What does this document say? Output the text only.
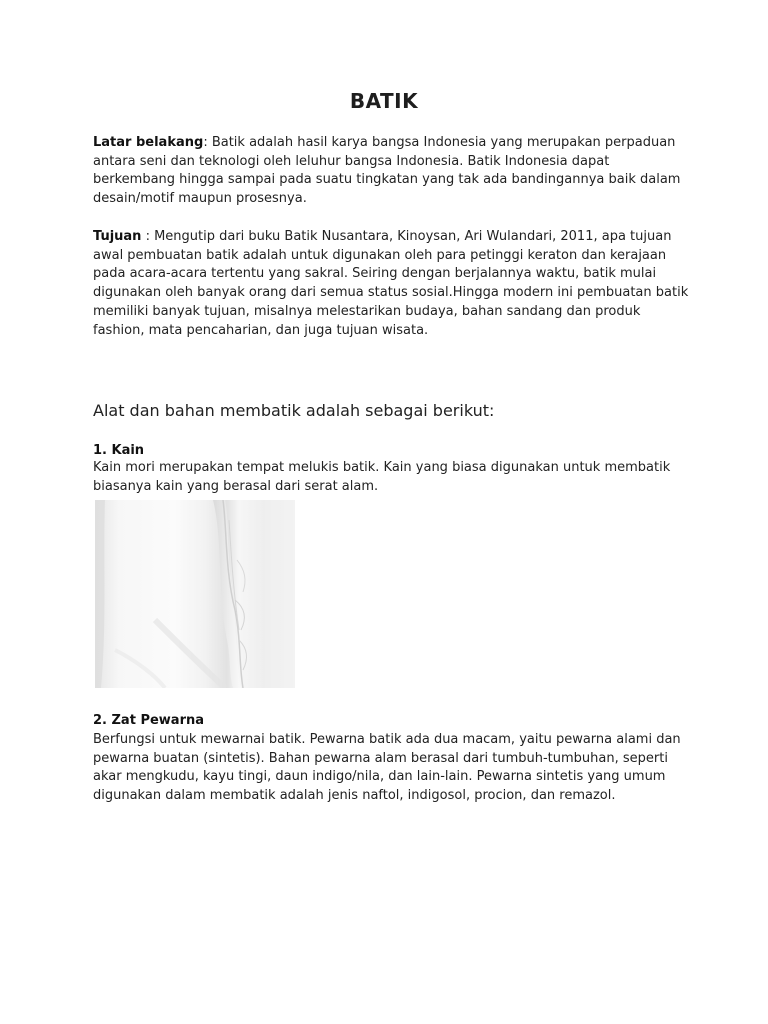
BATIK

Latar belakang: Batik adalah hasil karya bangsa Indonesia yang merupakan perpaduan antara seni dan teknologi oleh leluhur bangsa Indonesia. Batik Indonesia dapat berkembang hingga sampai pada suatu tingkatan yang tak ada bandingannya baik dalam desain/motif maupun prosesnya.

Tujuan : Mengutip dari buku Batik Nusantara, Kinoysan, Ari Wulandari, 2011, apa tujuan awal pembuatan batik adalah untuk digunakan oleh para petinggi keraton dan kerajaan pada acara-acara tertentu yang sakral. Seiring dengan berjalannya waktu, batik mulai digunakan oleh banyak orang dari semua status sosial.Hingga modern ini pembuatan batik memiliki banyak tujuan, misalnya melestarikan budaya, bahan sandang dan produk fashion, mata pencaharian, dan juga tujuan wisata.

Alat dan bahan membatik adalah sebagai berikut:
1. Kain

Kain mori merupakan tempat melukis batik. Kain yang biasa digunakan untuk membatik biasanya kain yang berasal dari serat alam.

2. Zat Pewarna

Berfungsi untuk mewarnai batik. Pewarna batik ada dua macam, yaitu pewarna alami dan pewarna buatan (sintetis). Bahan pewarna alam berasal dari tumbuh-tumbuhan, seperti akar mengkudu, kayu tingi, daun indigo/nila, dan lain-lain. Pewarna sintetis yang umum digunakan dalam membatik adalah jenis naftol, indigosol, procion, dan remazol.
